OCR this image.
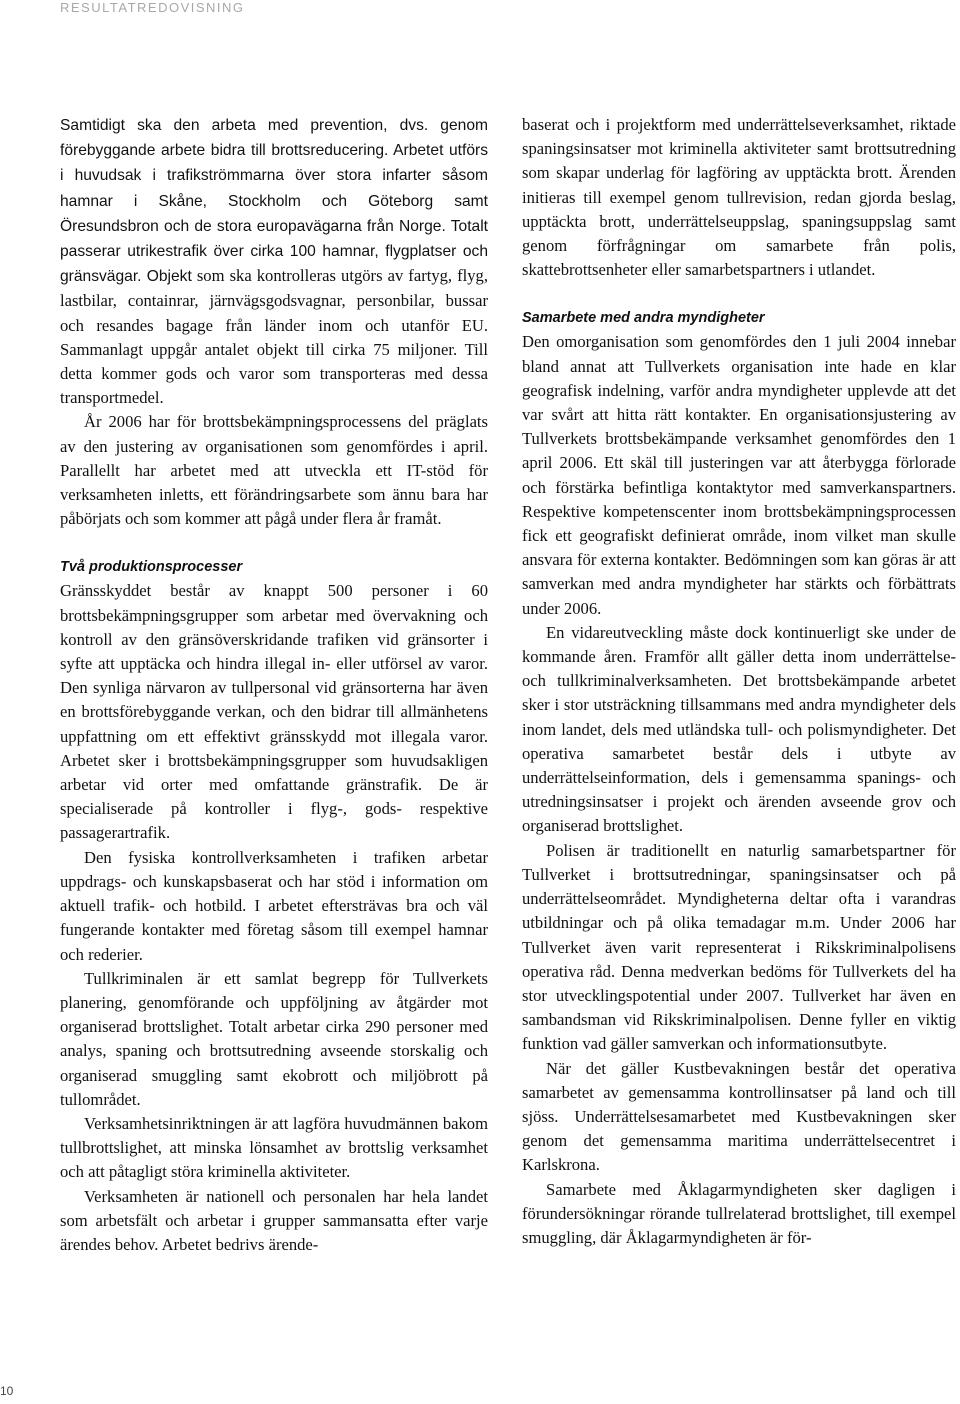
RESULTATREDOVISNING

Samtidigt ska den arbeta med prevention, dvs. genom förebyggande arbete bidra till brottsreducering. Arbetet utförs i huvudsak i trafikströmmarna över stora infarter såsom hamnar i Skåne, Stockholm och Göteborg samt Öresundsbron och de stora europavägarna från Norge. Totalt passerar utrikestrafik över cirka 100 hamnar, flygplatser och gränsvägar. Objekt som ska kontrolleras utgörs av fartyg, flyg, lastbilar, containrar, järnvägsgodsvagnar, personbilar, bussar och resandes bagage från länder inom och utanför EU. Sammanlagt uppgår antalet objekt till cirka 75 miljoner. Till detta kommer gods och varor som transporteras med dessa transportmedel.

År 2006 har för brottsbekämpningsprocessens del präglats av den justering av organisationen som genomfördes i april. Parallellt har arbetet med att utveckla ett IT-stöd för verksamheten inletts, ett förändringsarbete som ännu bara har påbörjats och som kommer att pågå under flera år framåt.

Två produktionsprocesser

Gränsskyddet består av knappt 500 personer i 60 brottsbekämpningsgrupper som arbetar med övervakning och kontroll av den gränsöverskridande trafiken vid gränsorter i syfte att upptäcka och hindra illegal in- eller utförsel av varor. Den synliga närvaron av tullpersonal vid gränsorterna har även en brottsförebyggande verkan, och den bidrar till allmänhetens uppfattning om ett effektivt gränsskydd mot illegala varor. Arbetet sker i brottsbekämpningsgrupper som huvudsakligen arbetar vid orter med omfattande gränstrafik. De är specialiserade på kontroller i flyg-, gods- respektive passagerartrafik.

Den fysiska kontrollverksamheten i trafiken arbetar uppdrags- och kunskapsbaserat och har stöd i information om aktuell trafik- och hotbild. I arbetet eftersträvas bra och väl fungerande kontakter med företag såsom till exempel hamnar och rederier.

Tullkriminalen är ett samlat begrepp för Tullverkets planering, genomförande och uppföljning av åtgärder mot organiserad brottslighet. Totalt arbetar cirka 290 personer med analys, spaning och brottsutredning avseende storskalig och organiserad smuggling samt ekobrott och miljöbrott på tullområdet.

Verksamhetsinriktningen är att lagföra huvudmännen bakom tullbrottslighet, att minska lönsamhet av brottslig verksamhet och att påtagligt störa kriminella aktiviteter.

Verksamheten är nationell och personalen har hela landet som arbetsfält och arbetar i grupper sammansatta efter varje ärendes behov. Arbetet bedrivs ärende-

baserat och i projektform med underrättelseverksamhet, riktade spaningsinsatser mot kriminella aktiviteter samt brottsutredning som skapar underlag för lagföring av upptäckta brott. Ärenden initieras till exempel genom tullrevision, redan gjorda beslag, upptäckta brott, underrättelseuppslag, spaningsuppslag samt genom förfrågningar om samarbete från polis, skattebrottsenheter eller samarbetspartners i utlandet.

Samarbete med andra myndigheter

Den omorganisation som genomfördes den 1 juli 2004 innebar bland annat att Tullverkets organisation inte hade en klar geografisk indelning, varför andra myndigheter upplevde att det var svårt att hitta rätt kontakter. En organisationsjustering av Tullverkets brottsbekämpande verksamhet genomfördes den 1 april 2006. Ett skäl till justeringen var att återbygga förlorade och förstärka befintliga kontaktytor med samverkanspartners. Respektive kompetenscenter inom brottsbekämpningsprocessen fick ett geografiskt definierat område, inom vilket man skulle ansvara för externa kontakter. Bedömningen som kan göras är att samverkan med andra myndigheter har stärkts och förbättrats under 2006.

En vidareutveckling måste dock kontinuerligt ske under de kommande åren. Framför allt gäller detta inom underrättelse- och tullkriminalverksamheten. Det brottsbekämpande arbetet sker i stor utsträckning tillsammans med andra myndigheter dels inom landet, dels med utländska tull- och polismyndigheter. Det operativa samarbetet består dels i utbyte av underrättelseinformation, dels i gemensamma spanings- och utredningsinsatser i projekt och ärenden avseende grov och organiserad brottslighet.

Polisen är traditionellt en naturlig samarbetspartner för Tullverket i brottsutredningar, spaningsinsatser och på underrättelseområdet. Myndigheterna deltar ofta i varandras utbildningar och på olika temadagar m.m. Under 2006 har Tullverket även varit representerat i Rikskriminalpolisens operativa råd. Denna medverkan bedöms för Tullverkets del ha stor utvecklingspotential under 2007. Tullverket har även en sambandsman vid Rikskriminalpolisen. Denne fyller en viktig funktion vad gäller samverkan och informationsutbyte.

När det gäller Kustbevakningen består det operativa samarbetet av gemensamma kontrollinsatser på land och till sjöss. Underrättelsesamarbetet med Kustbevakningen sker genom det gemensamma maritima underrättelsecentret i Karlskrona.

Samarbete med Åklagarmyndigheten sker dagligen i förundersökningar rörande tullrelaterad brottslighet, till exempel smuggling, där Åklagarmyndigheten är för-

10
